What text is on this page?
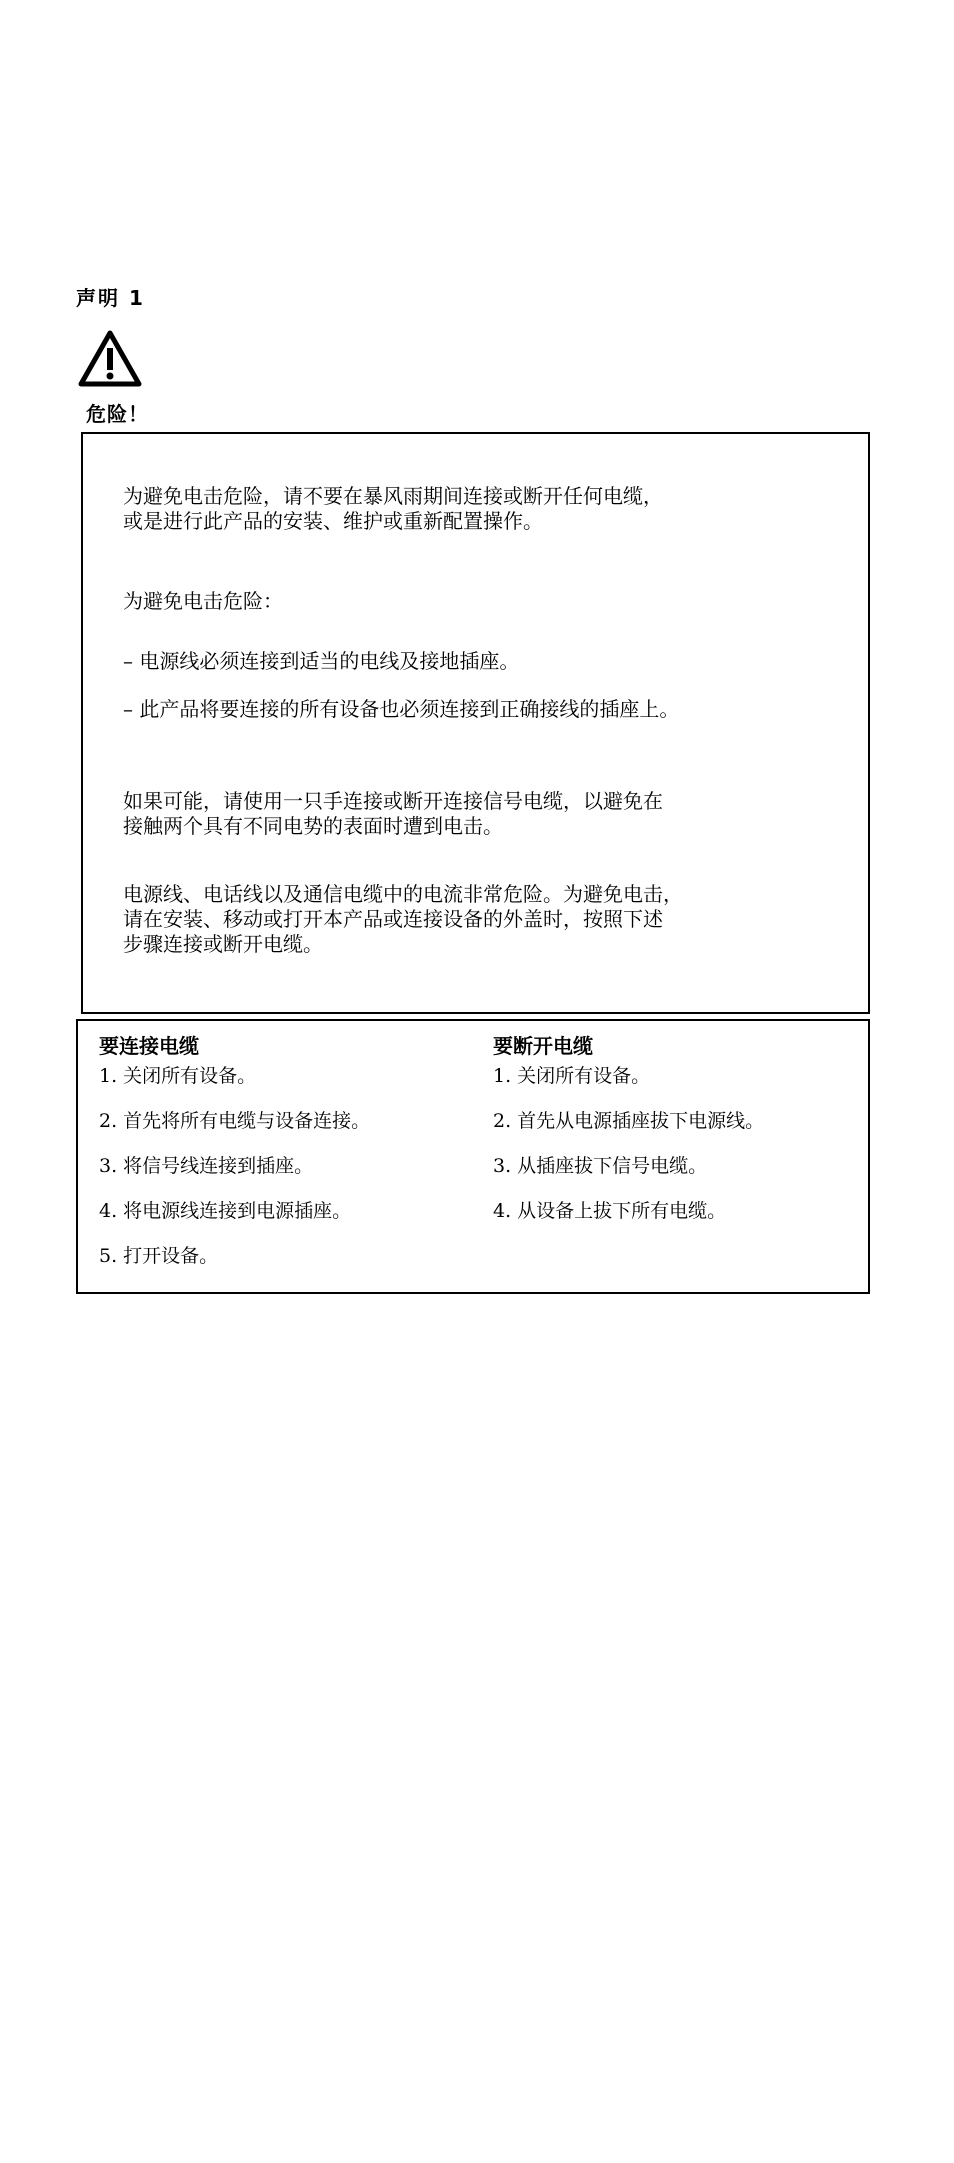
声明 1
危险！

为避免电击危险，请不要在暴风雨期间连接或断开任何电缆，
或是进行此产品的安装、维护或重新配置操作。

为避免电击危险：

– 电源线必须连接到适当的电线及接地插座。

– 此产品将要连接的所有设备也必须连接到正确接线的插座上。

如果可能，请使用一只手连接或断开连接信号电缆，以避免在
接触两个具有不同电势的表面时遭到电击。

电源线、电话线以及通信电缆中的电流非常危险。为避免电击，
请在安装、移动或打开本产品或连接设备的外盖时，按照下述
步骤连接或断开电缆。

要连接电缆
1. 关闭所有设备。
2. 首先将所有电缆与设备连接。
3. 将信号线连接到插座。
4. 将电源线连接到电源插座。
5. 打开设备。
要断开电缆
1. 关闭所有设备。
2. 首先从电源插座拔下电源线。
3. 从插座拔下信号电缆。
4. 从设备上拔下所有电缆。
